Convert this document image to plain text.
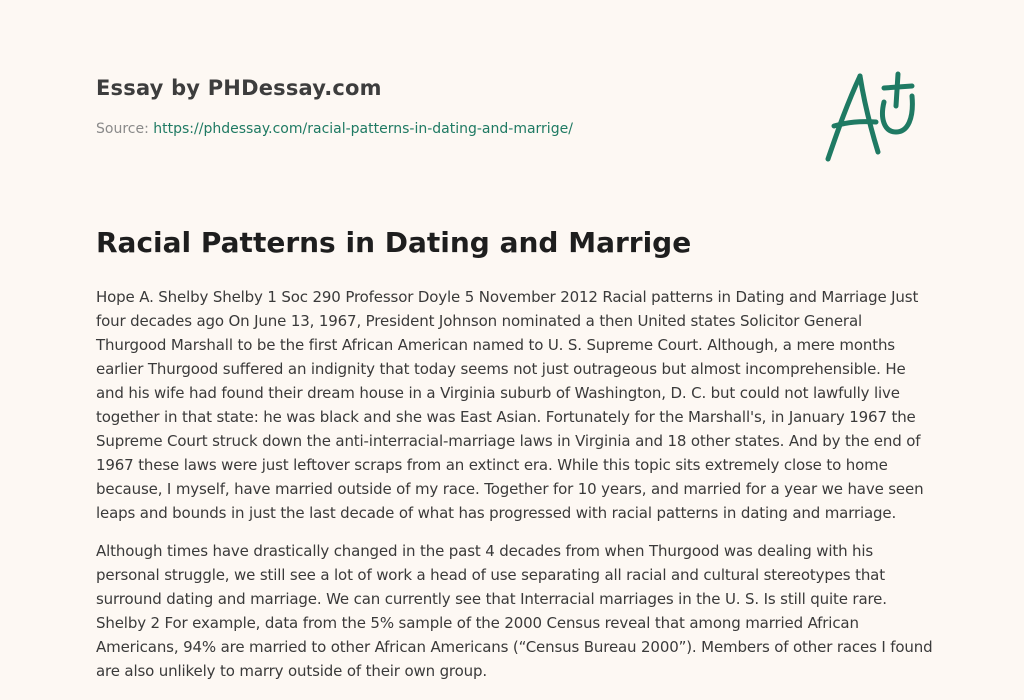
Essay by PHDessay.com
Source: https://phdessay.com/racial-patterns-in-dating-and-marrige/
Racial Patterns in Dating and Marrige

Hope A. Shelby Shelby 1 Soc 290 Professor Doyle 5 November 2012 Racial patterns in Dating and Marriage Just four decades ago On June 13, 1967, President Johnson nominated a then United states Solicitor General Thurgood Marshall to be the first African American named to U. S. Supreme Court. Although, a mere months earlier Thurgood suffered an indignity that today seems not just outrageous but almost incomprehensible. He and his wife had found their dream house in a Virginia suburb of Washington, D. C. but could not lawfully live together in that state: he was black and she was East Asian. Fortunately for the Marshall's, in January 1967 the Supreme Court struck down the anti-interracial-marriage laws in Virginia and 18 other states. And by the end of 1967 these laws were just leftover scraps from an extinct era. While this topic sits extremely close to home because, I myself, have married outside of my race. Together for 10 years, and married for a year we have seen leaps and bounds in just the last decade of what has progressed with racial patterns in dating and marriage.

Although times have drastically changed in the past 4 decades from when Thurgood was dealing with his personal struggle, we still see a lot of work a head of use separating all racial and cultural stereotypes that surround dating and marriage. We can currently see that Interracial marriages in the U. S. Is still quite rare. Shelby 2 For example, data from the 5% sample of the 2000 Census reveal that among married African Americans, 94% are married to other African Americans (“Census Bureau 2000”). Members of other races I found are also unlikely to marry outside of their own group.
